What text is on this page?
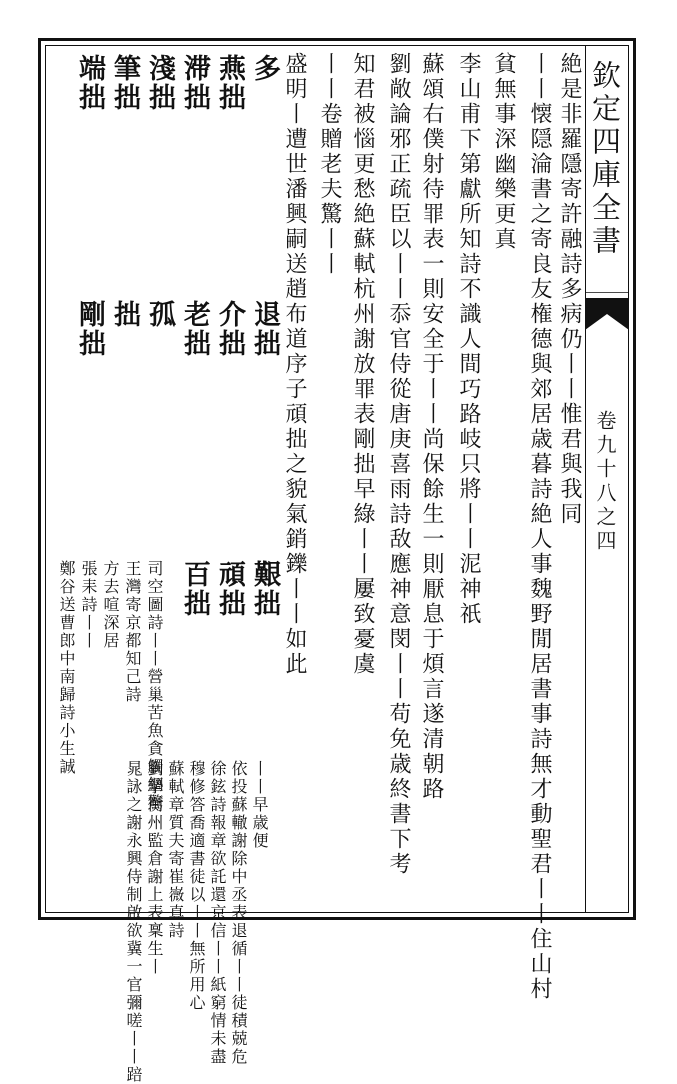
欽定四庫全書
卷九十八之四
絶是非羅隱寄許融詩多病仍丨丨惟君與我同
丨丨懐隠淪書之寄良友権德與郊居歳暮詩絶人事魏野閒居書事詩無才動聖君丨丨住山村
貧無事深幽樂更真
李山甫下第獻所知詩不識人間巧路岐只將丨丨泥神祇
蘇頌右僕射待罪表一則安全于丨丨尚保餘生一則厭息于煩言遂清朝路
劉敞論邪正疏臣以丨丨忝官侍從唐庚喜雨詩敌應神意閔丨丨苟免歳終書下考
知君被惱更愁絶蘇軾杭州謝放罪表剛拙早綠丨丨屢致憂虞
丨丨卷贈老夫驚丨丨
盛明丨遭世潘興嗣送趙布道序子頑拙之貌氣銷鑠丨丨如此
多
燕拙
滞拙
淺拙
筆拙
端拙
退拙
介拙
老拙
孤
拙
剛拙
艱拙
頑拙
百拙
司空圖詩丨丨營巢苦魚貪觸網驚
王灣寄京都知己詩
方去喧深居
張耒詩丨丨
鄭谷送曹郎中南歸詩小生誠
丨丨早歳便
依投蘇轍謝除中丞表退循丨丨徒積兢危
徐鉉詩報章欲託還京信丨丨紙窮情未盡
穆修答喬適書徒以丨丨無所用心
蘇軾章質夫寄崔嶶真詩
劉摯衡州監倉謝上表稟生丨
晁詠之謝永興侍制啟欲冀一官彌嗟丨丨踣
